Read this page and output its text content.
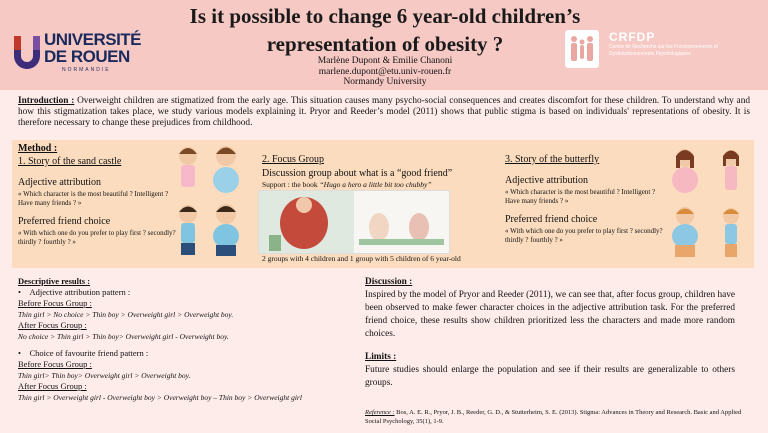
UNIVERSITÉ
DE ROUEN
NORMANDIE
Is it possible to change 6 year-old children’s
representation of obesity ?
Marlène Dupont & Emilie Chanoni
marlene.dupont@etu.univ-rouen.fr
Normandy University
CRFDP
Centre de Recherche sur les Fonctionnements et Dysfonctionnements Psychologiques
Introduction : Overweight children are stigmatized from the early age. This situation causes many psycho-social consequences and creates discomfort for these children. To understand why and how this stigmatization takes place, we study various models explaining it. Pryor and Reeder’s model (2011) shows that public stigma is based on individuals' representations of obesity. It is therefore necessary to change these prejudices from childhood.
Method :
1. Story of the sand castle
Adjective attribution
« Which character is the most beautiful ? Intelligent ? Have many friends ? »
Preferred friend choice
« With which one do you prefer to play first ? secondly? thirdly ? fourthly ? »
2. Focus Group
Discussion group about what is a “good friend”
Support : the book “Hugo a hero a little bit too chubby”
2 groups with 4 children and 1 group with 5 children of 6 year-old
3. Story of the butterfly
Adjective attribution
« Which character is the most beautiful ? Intelligent ? Have many friends ? »
Preferred friend choice
« With which one do you prefer to play first ? secondly? thirdly ? fourthly ? »
Descriptive results :
•    Adjective attribution pattern :
Before Focus Group :
Thin girl > No choice > Thin boy > Overweight girl > Overweight boy.
After Focus Group :
No choice > Thin girl > Thin boy> Overweight girl - Overweight boy.
•    Choice of favourite friend pattern :
Before Focus Group :
Thin girl> Thin boy> Overweight girl > Overweight boy.
After Focus Group :
Thin girl > Overweight girl - Overweight boy > Overweight boy – Thin boy > Overweight girl
Discussion :
Inspired by the model of Pryor and Reeder (2011), we can see that, after focus group, children have been observed to make fewer character choices in the adjective attribution task. For the preferred friend choice, these results show children prioritized less the characters and made more random choices.
Limits :
Future studies should enlarge the population and see if their results are generalizable to others groups.
Reference : Bos, A. E. R., Pryor, J. B., Reeder, G. D., & Stutterheim, S. E. (2013). Stigma: Advances in Theory and Research. Basic and Applied Social Psychology, 35(1), 1-9.
